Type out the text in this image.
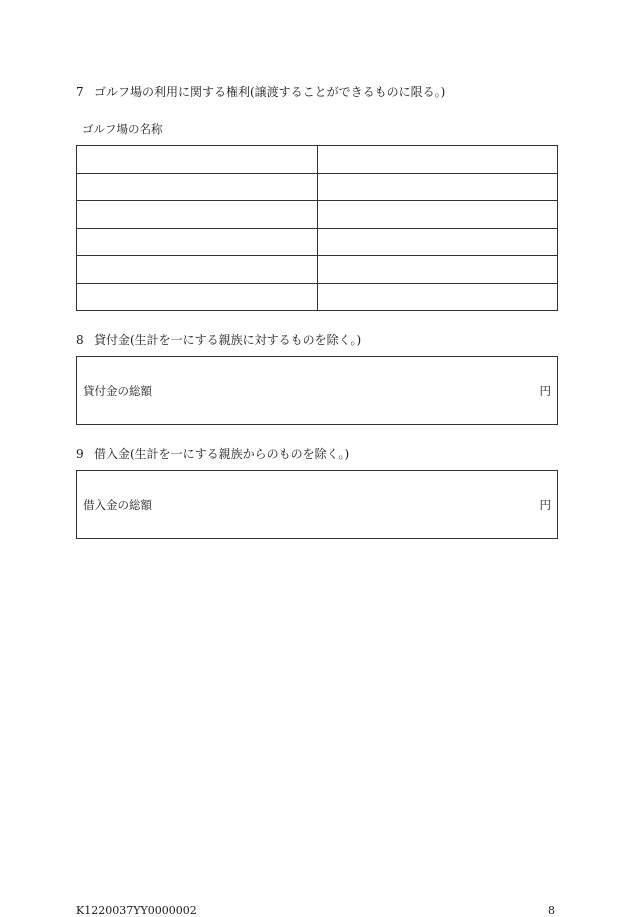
7 ゴルフ場の利用に関する権利(譲渡することができるものに限る。)
ゴルフ場の名称

8 貸付金(生計を一にする親族に対するものを除く。)
貸付金の総額	円
9 借入金(生計を一にする親族からのものを除く。)
借入金の総額	円
K1220037YY0000002	8
